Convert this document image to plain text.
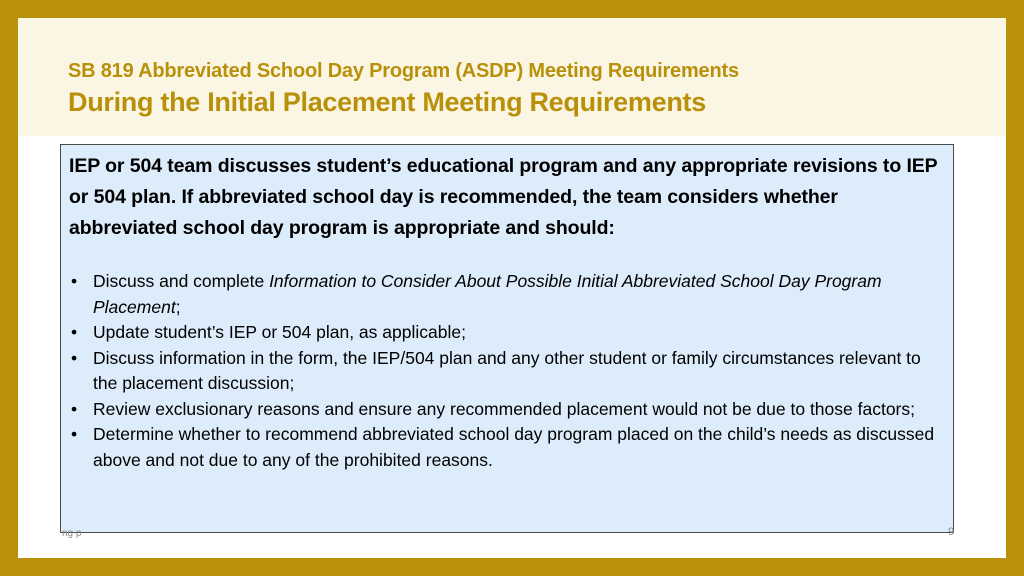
SB 819 Abbreviated School Day Program (ASDP) Meeting Requirements
During the Initial Placement Meeting Requirements

IEP or 504 team discusses student’s educational program and any appropriate revisions to IEP or 504 plan. If abbreviated school day is recommended, the team considers whether abbreviated school day program is appropriate and should:

• Discuss and complete Information to Consider About Possible Initial Abbreviated School Day Program Placement;
• Update student’s IEP or 504 plan, as applicable;
• Discuss information in the form, the IEP/504 plan and any other student or family circumstances relevant to the placement discussion;
• Review exclusionary reasons and ensure any recommended placement would not be due to those factors;
• Determine whether to recommend abbreviated school day program placed on the child’s needs as discussed above and not due to any of the prohibited reasons.
ng p	9
